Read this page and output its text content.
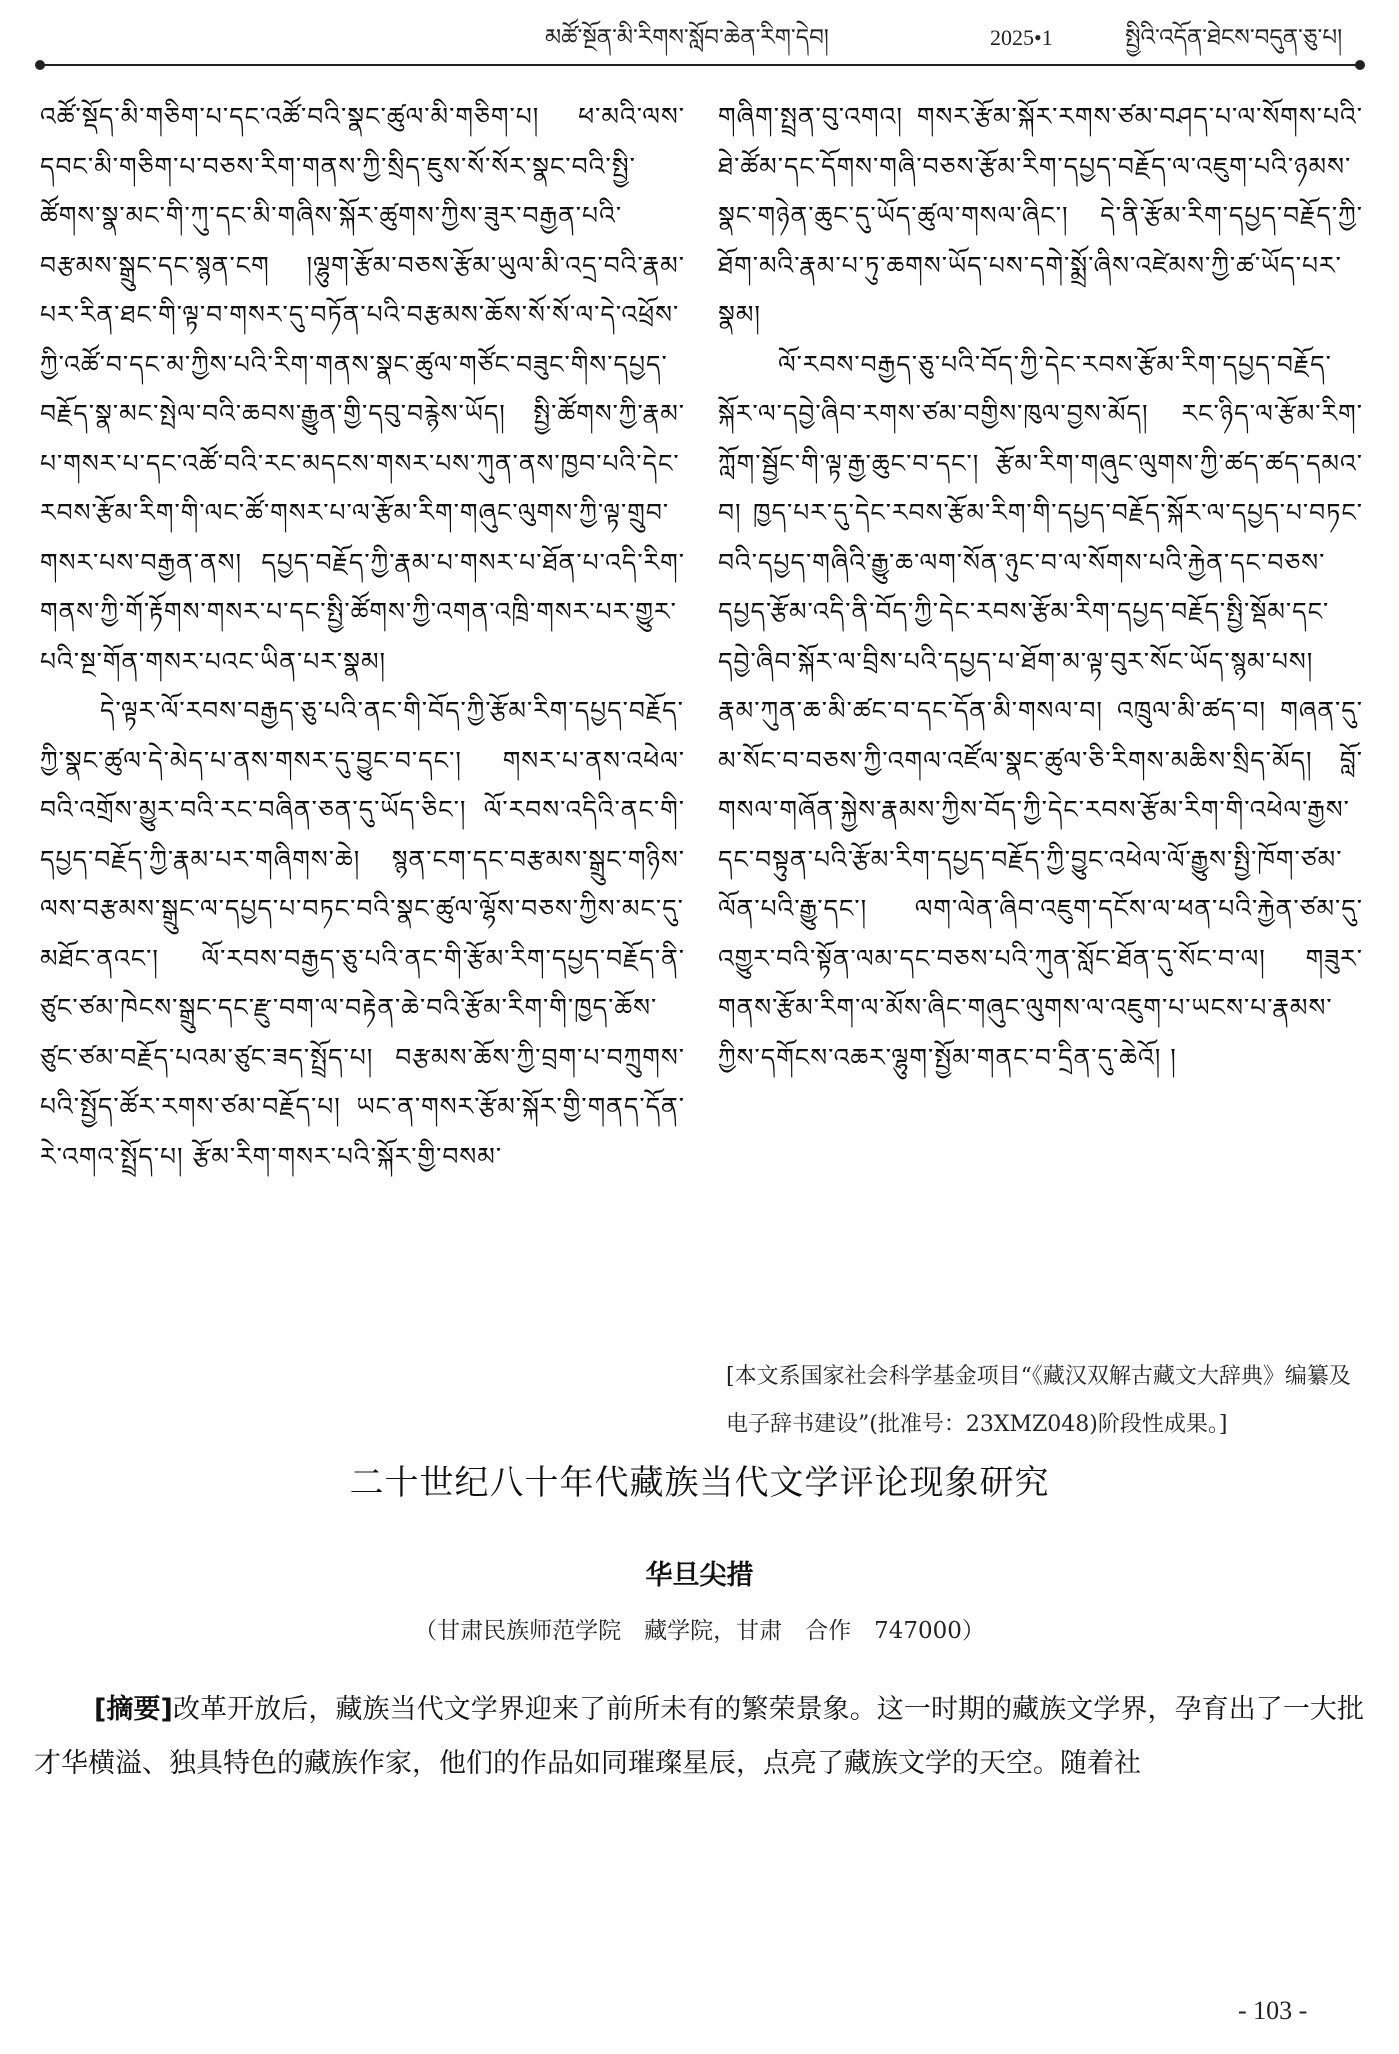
མཚོ་སྔོན་མི་རིགས་སློབ་ཆེན་རིག་དེབ།	2025•1	སྤྱིའི་འདོན་ཐེངས་བདུན་ཅུ་པ།

འཚོ་སྡོད་མི་གཅིག་པ་དང་འཚོ་བའི་སྣང་ཚུལ་མི་གཅིག་པ། ཕ་མའི་ལས་དབང་མི་གཅིག་པ་བཅས་རིག་གནས་ཀྱི་སྲིད་ཇུས་སོ་སོར་སྣང་བའི་སྤྱི་ཚོགས་སྣ་མང་གི་ཀུ་དང་མི་གཞིས་སྐོར་ཚུགས་ཀྱིས་ཟུར་བརྒྱན་པའི་བརྩམས་སྒྲུང་དང་སྙན་ངག །ལྷུག་རྩོམ་བཅས་རྩོམ་ཡུལ་མི་འདྲ་བའི་རྣམ་པར་རིན་ཐང་གི་ལྟ་བ་གསར་དུ་བཏོན་པའི་བརྩམས་ཆོས་སོ་སོ་ལ་དེ་འཕྲོས་ཀྱི་འཚོ་བ་དང་མ་ཀྱིས་པའི་རིག་གནས་སྣང་ཚུལ་གཙོང་བཟུང་གིས་དཔྱད་བརྗོད་སྣ་མང་སྤེལ་བའི་ཆབས་རྒྱུན་གྱི་དབུ་བརྙེས་ཡོད། སྤྱི་ཚོགས་ཀྱི་རྣམ་པ་གསར་པ་དང་འཚོ་བའི་རང་མདངས་གསར་པས་ཀུན་ནས་ཁྱབ་པའི་དེང་རབས་རྩོམ་རིག་གི་ལང་ཚོ་གསར་པ་ལ་རྩོམ་རིག་གཞུང་ལུགས་ཀྱི་ལྟ་གྲུབ་གསར་པས་བརྒྱན་ནས། དཔྱད་བརྗོད་ཀྱི་རྣམ་པ་གསར་པ་ཐོན་པ་འདི་རིག་གནས་ཀྱི་གོ་རྟོགས་གསར་པ་དང་སྤྱི་ཚོགས་ཀྱི་འགན་འཁྲི་གསར་པར་གྱུར་པའི་སྔ་གོན་གསར་པའང་ཡིན་པར་སྣམ།

དེ་ལྟར་ལོ་རབས་བརྒྱད་ཅུ་པའི་ནང་གི་བོད་ཀྱི་རྩོམ་རིག་དཔྱད་བརྗོད་ཀྱི་སྣང་ཚུལ་དེ་མེད་པ་ནས་གསར་དུ་བྱུང་བ་དང་། གསར་པ་ནས་འཕེལ་བའི་འགྲོས་མྱུར་བའི་རང་བཞིན་ཅན་དུ་ཡོད་ཅིང་། ལོ་རབས་འདིའི་ནང་གི་དཔྱད་བརྗོད་ཀྱི་རྣམ་པར་གཞིགས་ཆེ། སྙན་ངག་དང་བརྩམས་སྒྲུང་གཉིས་ལས་བརྩམས་སྒྲུང་ལ་དཔྱད་པ་བཏང་བའི་སྣང་ཚུལ་ལྷོས་བཅས་ཀྱིས་མང་དུ་མཐོང་ནའང་། ལོ་རབས་བརྒྱད་ཅུ་པའི་ནང་གི་རྩོམ་རིག་དཔྱད་བརྗོད་ནི་ཙུང་ཙམ་ཁེངས་སྒྲུང་དང་རྫུ་བག་ལ་བརྟེན་ཆེ་བའི་རྩོམ་རིག་གི་ཁྱད་ཆོས་ཙུང་ཙམ་བརྗོད་པའམ་ཙུང་ཟད་སྤྲོད་པ། བརྩམས་ཆོས་ཀྱི་བྲག་པ་བཀྲུགས་པའི་སྤྱོད་ཚོར་རགས་ཙམ་བརྗོད་པ། ཡང་ན་གསར་རྩོམ་སྐོར་གྱི་གནད་དོན་རེ་འགའ་སྤྲོད་པ། རྩོམ་རིག་གསར་པའི་སྐོར་གྱི་བསམ་

གཞིག་སྤྲན་བུ་འགའ། གསར་རྩོམ་སྐོར་རགས་ཙམ་བཤད་པ་ལ་སོགས་པའི་ཐེ་ཚོམ་དང་དོགས་གཞི་བཅས་རྩོམ་རིག་དཔྱད་བརྗོད་ལ་འཇུག་པའི་ཉམས་སྣང་གཉེན་ཆུང་དུ་ཡོད་ཚུལ་གསལ་ཞིང་། དེ་ནི་རྩོམ་རིག་དཔྱད་བརྗོད་ཀྱི་ཐོག་མའི་རྣམ་པ་ཏུ་ཆགས་ཡོད་པས་དགེ་སྨྲོ་ཞིས་འཛེམས་ཀྱི་ཚ་ཡོད་པར་སྣམ།

ལོ་རབས་བརྒྱད་ཅུ་པའི་བོད་ཀྱི་དེང་རབས་རྩོམ་རིག་དཔྱད་བརྗོད་སྐོར་ལ་དབྱེ་ཞིབ་རགས་ཙམ་བགྱིས་ཁུལ་བྱས་མོད། རང་ཉིད་ལ་རྩོམ་རིག་ཀློག་སྦྱོང་གི་ལྟ་རྒྱ་ཆུང་བ་དང་། རྩོམ་རིག་གཞུང་ལུགས་ཀྱི་ཚད་ཚད་དམའ་བ། ཁྱད་པར་དུ་དེང་རབས་རྩོམ་རིག་གི་དཔྱད་བརྗོད་སྐོར་ལ་དཔྱད་པ་བཏང་བའི་དཔྱད་གཞིའི་རྒྱུ་ཆ་ལག་སོན་ཉུང་བ་ལ་སོགས་པའི་རྐྱེན་དང་བཅས་དཔྱད་རྩོམ་འདི་ནི་བོད་ཀྱི་དེང་རབས་རྩོམ་རིག་དཔྱད་བརྗོད་སྤྱི་སྡོམ་དང་དབྱེ་ཞིབ་སྐོར་ལ་བྲིས་པའི་དཔྱད་པ་ཐོག་མ་ལྟ་བུར་སོང་ཡོད་སྙམ་པས། རྣམ་ཀུན་ཆ་མི་ཚང་བ་དང་དོན་མི་གསལ་བ། འཁྲུལ་མི་ཚད་བ། གཞན་དུ་མ་སོང་བ་བཅས་ཀྱི་འགལ་འཛོལ་སྣང་ཚུལ་ཅི་རིགས་མཆིས་སྲིད་མོད། བློ་གསལ་གཞོན་སྐྱེས་རྣམས་ཀྱིས་བོད་ཀྱི་དེང་རབས་རྩོམ་རིག་གི་འཕེལ་རྒྱས་དང་བསྟུན་པའི་རྩོམ་རིག་དཔྱད་བརྗོད་ཀྱི་བྱུང་འཕེལ་ལོ་རྒྱུས་སྤྱི་ཁོག་ཙམ་ལོན་པའི་རྒྱུ་དང་། ལག་ལེན་ཞིབ་འཇུག་དངོས་ལ་ཕན་པའི་རྐྱེན་ཙམ་དུ་འགྱུར་བའི་སྟོན་ལམ་དང་བཅས་པའི་ཀུན་སློང་ཐོན་དུ་སོང་བ་ལ། གཟུར་གནས་རྩོམ་རིག་ལ་མོས་ཞིང་གཞུང་ལུགས་ལ་འཇུག་པ་ཡངས་པ་རྣམས་ཀྱིས་དགོངས་འཆར་ལྷུག་སྤྱོམ་གནང་བ་དྲིན་དུ་ཆེའོ། །

[本文系国家社会科学基金项目“《藏汉双解古藏文大辞典》编纂及电子辞书建设”(批准号：23XMZ048)阶段性成果。]
二十世纪八十年代藏族当代文学评论现象研究
华旦尖措
（甘肃民族师范学院　藏学院，甘肃　合作　747000）
[摘要]改革开放后，藏族当代文学界迎来了前所未有的繁荣景象。这一时期的藏族文学界，孕育出了一大批才华横溢、独具特色的藏族作家，他们的作品如同璀璨星辰，点亮了藏族文学的天空。随着社
- 103 -
